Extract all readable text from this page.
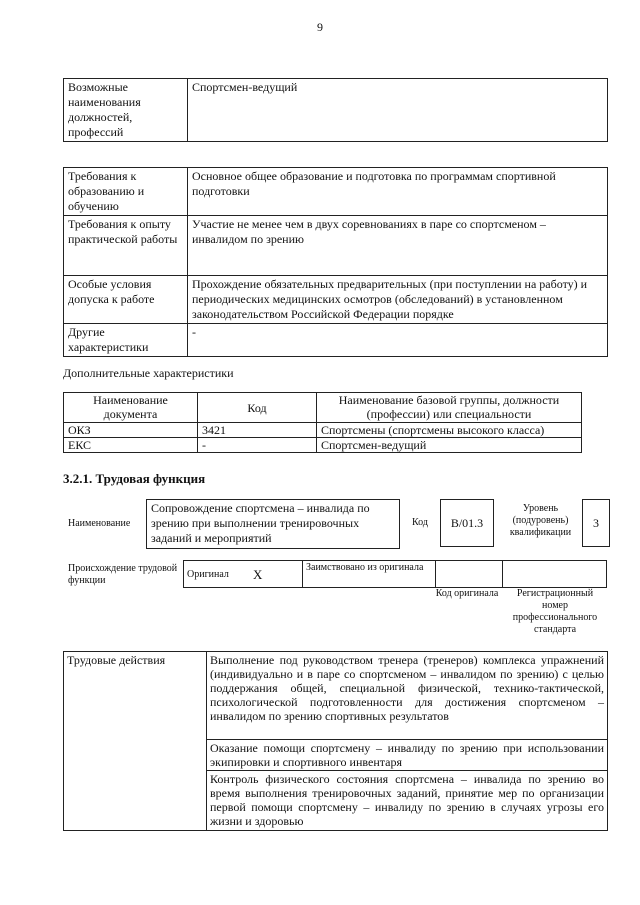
9
Возможные наименования должностей, профессий	Спортсмен-ведущий
Требования к образованию и обучению	Основное общее образование и подготовка по программам спортивной подготовки
Требования к опыту практической работы	Участие не менее чем в двух соревнованиях в паре со спортсменом – инвалидом по зрению
Особые условия допуска к работе	Прохождение обязательных предварительных (при поступлении на работу) и периодических медицинских осмотров (обследований) в установленном законодательством Российской Федерации порядке
Другие характеристики	-
Дополнительные характеристики
Наименование документа	Код	Наименование базовой группы, должности (профессии) или специальности
ОКЗ	3421	Спортсмены (спортсмены высокого класса)
ЕКС	-	Спортсмен-ведущий
3.2.1. Трудовая функция
Наименование
Сопровождение спортсмена – инвалида по зрению при выполнении тренировочных заданий и мероприятий
Код	B/01.3
Уровень (подуровень) квалификации
3
Происхождение трудовой функции
Оригинал	X	Заимствовано из оригинала		
Код оригинала	Регистрационный номер профессионального стандарта
Трудовые действия	Выполнение под руководством тренера (тренеров) комплекса упражнений (индивидуально и в паре со спортсменом – инвалидом по зрению) с целью поддержания общей, специальной физической, технико-тактической, психологической подготовленности для достижения спортсменом – инвалидом по зрению спортивных результатов
Оказание помощи спортсмену – инвалиду по зрению при использовании экипировки и спортивного инвентаря
Контроль физического состояния спортсмена – инвалида по зрению во время выполнения тренировочных заданий, принятие мер по организации первой помощи спортсмену – инвалиду по зрению в случаях угрозы его жизни и здоровью
